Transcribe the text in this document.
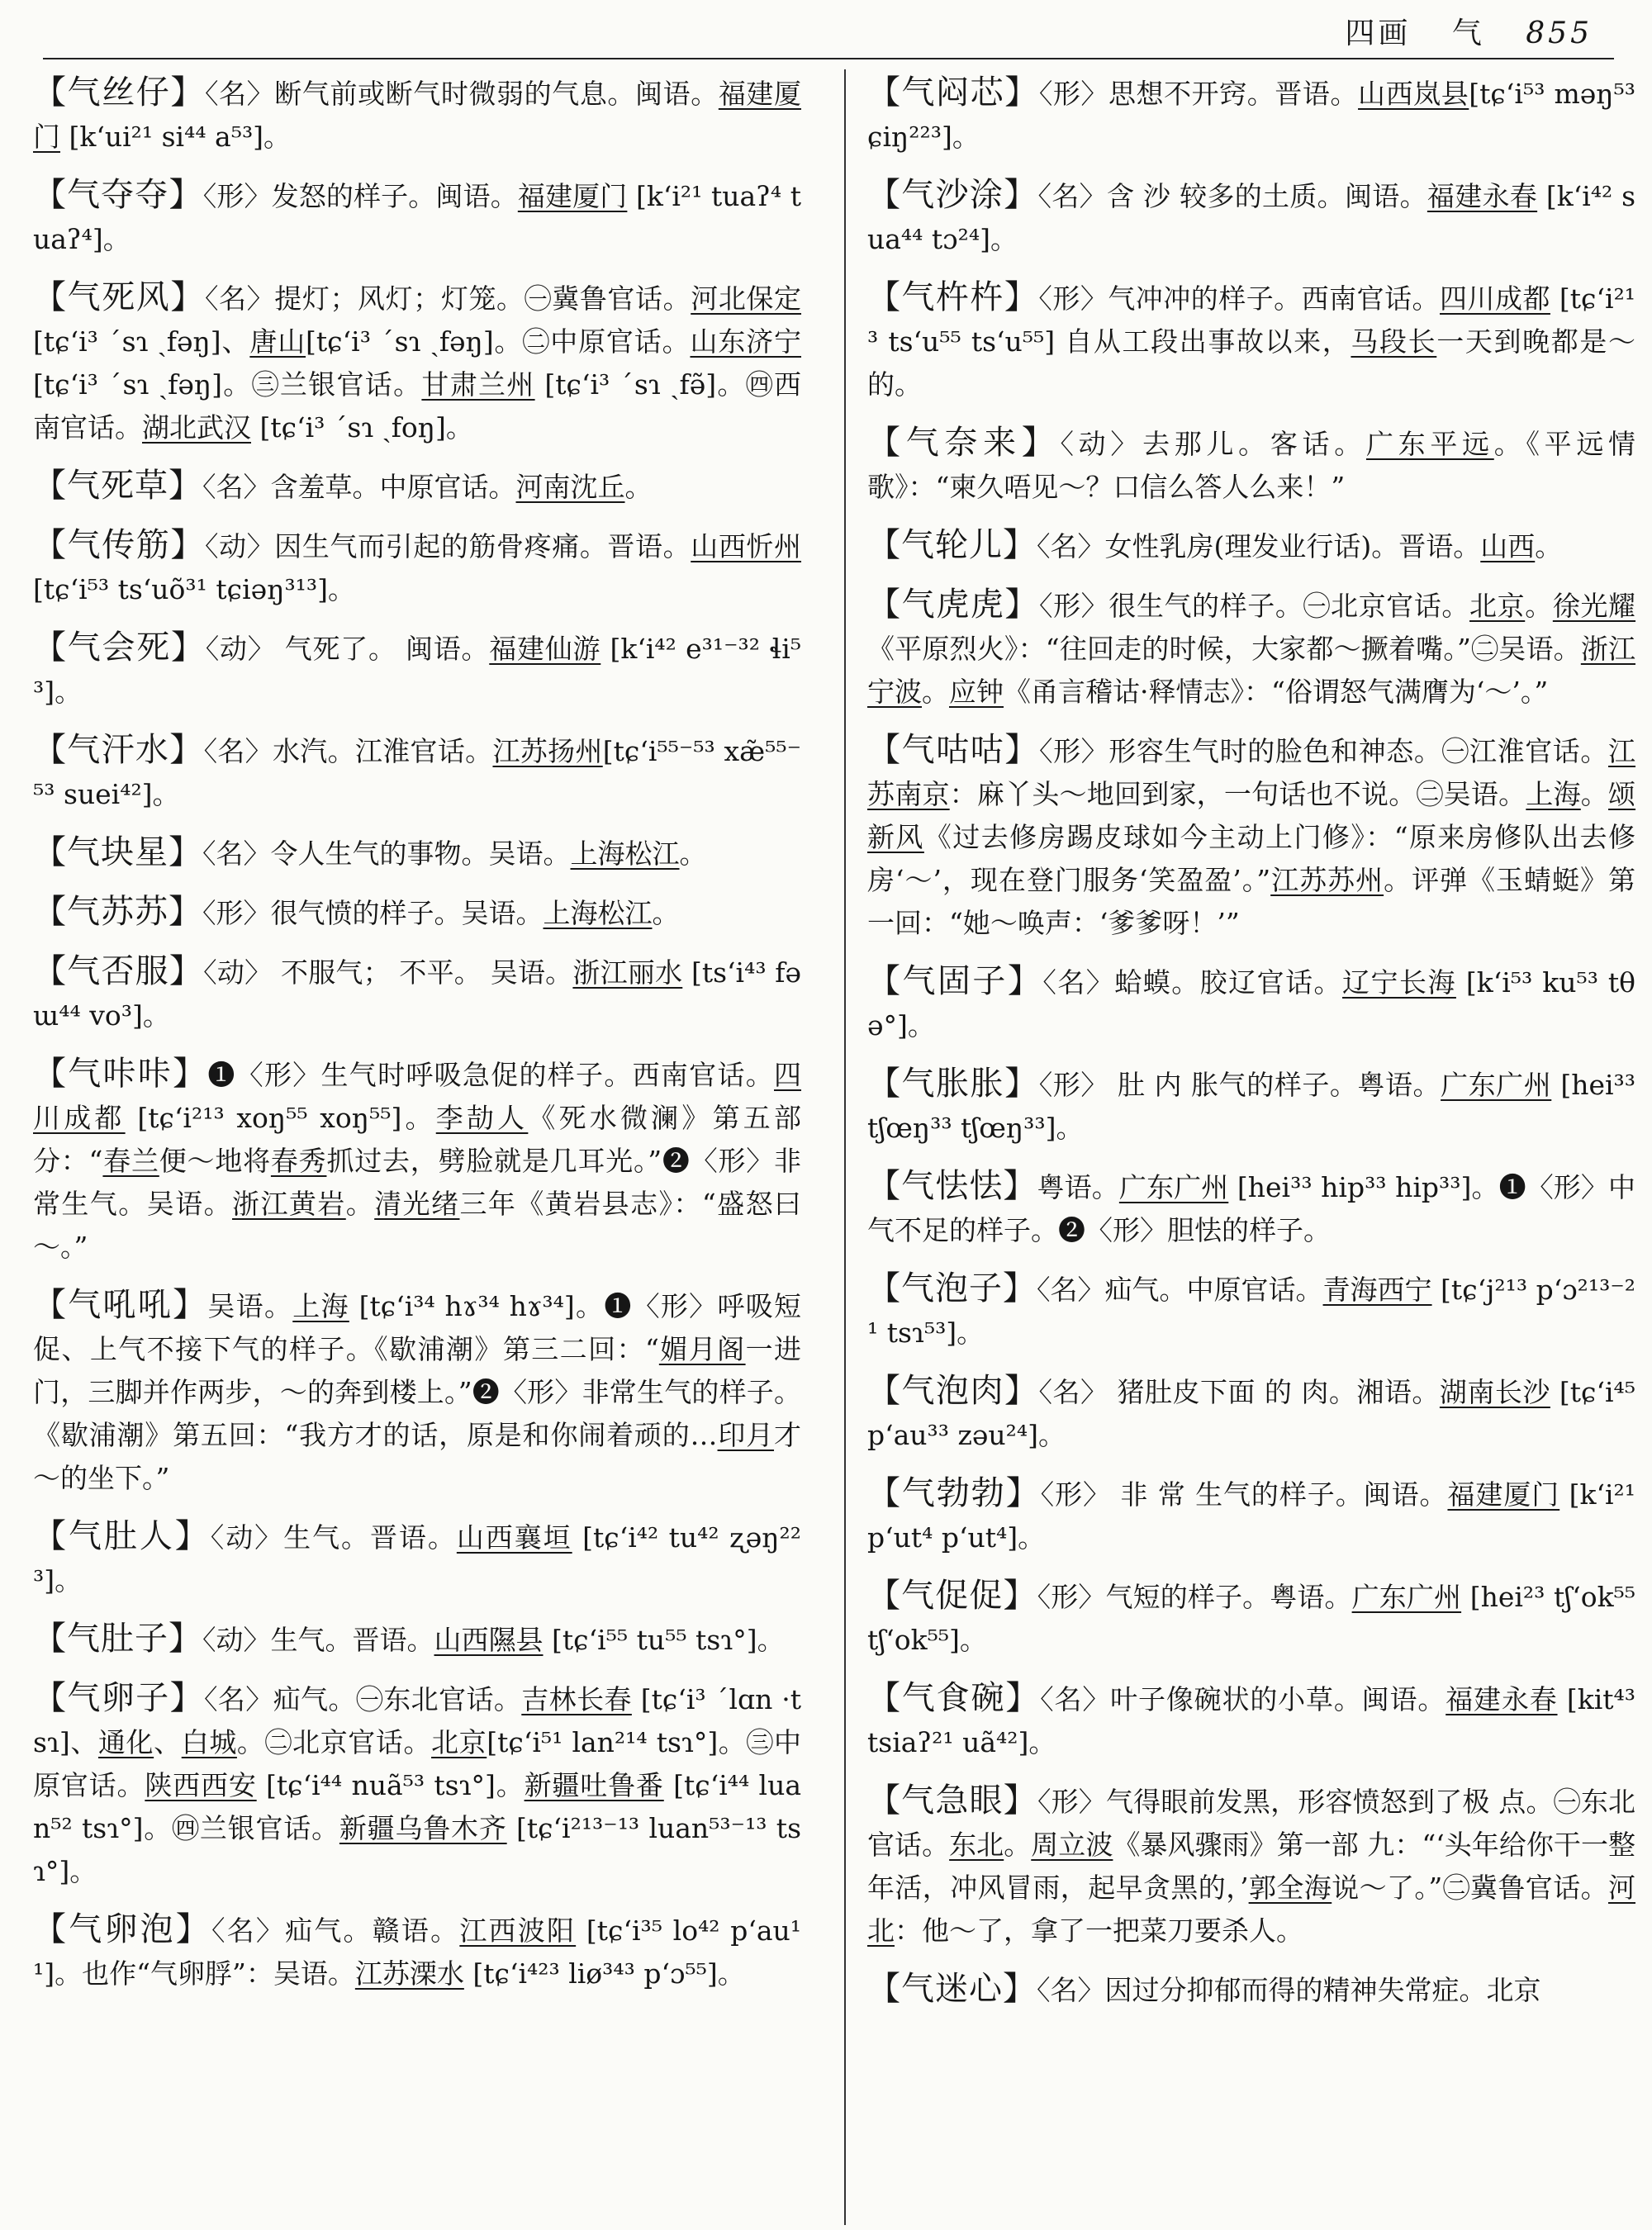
四画 气 855

【气丝仔】〈名〉断气前或断气时微弱的气息。闽语。福建厦门 [kʻui²¹ si⁴⁴ a⁵³]。

【气夺夺】〈形〉发怒的样子。闽语。福建厦门 [kʻi²¹ tuaʔ⁴ tuaʔ⁴]。

【气死风】〈名〉提灯；风灯；灯笼。㊀冀鲁官话。河北保定 [tɕʻi³ ˊsɿ ˏfəŋ]、唐山[tɕʻi³ ˊsɿ ˏfəŋ]。㊁中原官话。山东济宁 [tɕʻi³ ˊsɿ ˏfəŋ]。㊂兰银官话。甘肃兰州 [tɕʻi³ ˊsɿ ˏfə̃]。㊃西南官话。湖北武汉 [tɕʻi³ ˊsɿ ˏfoŋ]。

【气死草】〈名〉含羞草。中原官话。河南沈丘。

【气传筋】〈动〉因生气而引起的筋骨疼痛。晋语。山西忻州 [tɕʻi⁵³ tsʻuõ³¹ tɕiəŋ³¹³]。

【气会死】〈动〉 气死了。 闽语。福建仙游 [kʻi⁴² e³¹⁻³² ɬi⁵³]。

【气汗水】〈名〉水汽。江淮官话。江苏扬州[tɕʻi⁵⁵⁻⁵³ xæ̃⁵⁵⁻⁵³ suei⁴²]。

【气块星】〈名〉令人生气的事物。吴语。上海松江。

【气苏苏】〈形〉很气愤的样子。吴语。上海松江。

【气否服】〈动〉 不服气； 不平。 吴语。浙江丽水 [tsʻi⁴³ fəɯ⁴⁴ vo³]。

【气咔咔】❶〈形〉生气时呼吸急促的样子。西南官话。四川成都 [tɕʻi²¹³ xoŋ⁵⁵ xoŋ⁵⁵]。李劼人《死水微澜》第五部分：“春兰便～地将春秀抓过去，劈脸就是几耳光。”❷〈形〉非常生气。吴语。浙江黄岩。清光绪三年《黄岩县志》：“盛怒曰～。”

【气吼吼】吴语。上海 [tɕʻi³⁴ hɤ³⁴ hɤ³⁴]。❶〈形〉呼吸短促、上气不接下气的样子。《歇浦潮》第三二回：“媚月阁一进门，三脚并作两步，～的奔到楼上。”❷〈形〉非常生气的样子。《歇浦潮》第五回：“我方才的话，原是和你闹着顽的…印月才～的坐下。”

【气肚人】〈动〉生气。晋语。山西襄垣 [tɕʻi⁴² tu⁴² ʐəŋ²²³]。

【气肚子】〈动〉生气。晋语。山西隰县 [tɕʻi⁵⁵ tu⁵⁵ tsɿ°]。

【气卵子】〈名〉疝气。㊀东北官话。吉林长春 [tɕʻi³ ˊlɑn ·tsɿ]、通化、白城。㊁北京官话。北京[tɕʻi⁵¹ lan²¹⁴ tsɿ°]。㊂中原官话。陕西西安 [tɕʻi⁴⁴ nuã⁵³ tsɿ°]。新疆吐鲁番 [tɕʻi⁴⁴ luan⁵² tsɿ°]。㊃兰银官话。新疆乌鲁木齐 [tɕʻi²¹³⁻¹³ luan⁵³⁻¹³ tsɿ°]。

【气卵泡】〈名〉疝气。赣语。江西波阳 [tɕʻi³⁵ lo⁴² pʻau¹¹]。也作“气卵脬”：吴语。江苏溧水 [tɕʻi⁴²³ liø³⁴³ pʻɔ⁵⁵]。

【气闷芯】〈形〉思想不开窍。晋语。山西岚县[tɕʻi⁵³ məŋ⁵³ ɕiŋ²²³]。

【气沙涂】〈名〉含 沙 较多的土质。闽语。福建永春 [kʻi⁴² sua⁴⁴ tɔ²⁴]。

【气杵杵】〈形〉气冲冲的样子。西南官话。四川成都 [tɕʻi²¹³ tsʻu⁵⁵ tsʻu⁵⁵] 自从工段出事故以来，马段长一天到晚都是～的。

【气奈来】〈动〉去那儿。客话。广东平远。《平远情歌》：“柬久唔见～？口信么答人么来！”

【气轮儿】〈名〉女性乳房(理发业行话)。晋语。山西。

【气虎虎】〈形〉很生气的样子。㊀北京官话。北京。徐光耀《平原烈火》：“往回走的时候，大家都～撅着嘴。”㊁吴语。浙江宁波。应钟《甬言稽诂·释情志》：“俗谓怒气满膺为‘～’。”

【气咕咕】〈形〉形容生气时的脸色和神态。㊀江淮官话。江苏南京：麻丫头～地回到家，一句话也不说。㊁吴语。上海。颂新风《过去修房踢皮球如今主动上门修》：“原来房修队出去修房‘～’，现在登门服务‘笑盈盈’。”江苏苏州。评弹《玉蜻蜓》第一回：“她～唤声：‘爹爹呀！’”

【气固子】〈名〉蛤蟆。胶辽官话。辽宁长海 [kʻi⁵³ ku⁵³ tθə°]。

【气胀胀】〈形〉 肚 内 胀气的样子。粤语。广东广州 [hei³³ tʃœŋ³³ tʃœŋ³³]。

【气怯怯】粤语。广东广州 [hei³³ hip³³ hip³³]。❶〈形〉中气不足的样子。❷〈形〉胆怯的样子。

【气泡子】〈名〉疝气。中原官话。青海西宁 [tɕʻj²¹³ pʻɔ²¹³⁻²¹ tsɿ⁵³]。

【气泡肉】〈名〉 猪肚皮下面 的 肉。湘语。湖南长沙 [tɕʻi⁴⁵ pʻau³³ zəu²⁴]。

【气勃勃】〈形〉 非 常 生气的样子。闽语。福建厦门 [kʻi²¹ pʻut⁴ pʻut⁴]。

【气促促】〈形〉气短的样子。粤语。广东广州 [hei²³ tʃʻok⁵⁵ tʃʻok⁵⁵]。

【气食碗】〈名〉叶子像碗状的小草。闽语。福建永春 [kit⁴³ tsiaʔ²¹ uã⁴²]。

【气急眼】〈形〉气得眼前发黑，形容愤怒到了极 点。㊀东北官话。东北。周立波《暴风骤雨》第一部 九：“‘头年给你干一整年活，冲风冒雨，起早贪黑的，’郭全海说～了。”㊁冀鲁官话。河北：他～了，拿了一把菜刀要杀人。

【气迷心】〈名〉因过分抑郁而得的精神失常症。北京
